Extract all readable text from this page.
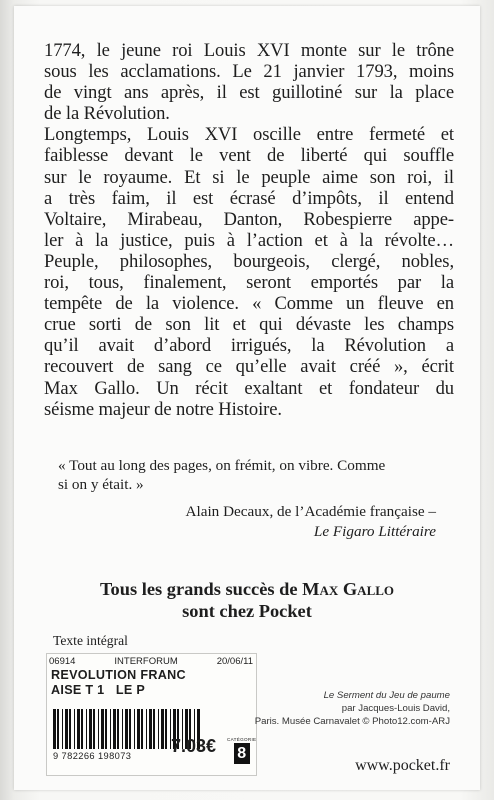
1774, le jeune roi Louis XVI monte sur le trône
sous les acclamations. Le 21 janvier 1793, moins
de vingt ans après, il est guillotiné sur la place
de la Révolution.
Longtemps, Louis XVI oscille entre fermeté et
faiblesse devant le vent de liberté qui souffle
sur le royaume. Et si le peuple aime son roi, il
a très faim, il est écrasé d’impôts, il entend
Voltaire, Mirabeau, Danton, Robespierre appe-
ler à la justice, puis à l’action et à la révolte…
Peuple, philosophes, bourgeois, clergé, nobles,
roi, tous, finalement, seront emportés par la
tempête de la violence. « Comme un fleuve en
crue sorti de son lit et qui dévaste les champs
qu’il avait d’abord irrigués, la Révolution a
recouvert de sang ce qu’elle avait créé », écrit
Max Gallo. Un récit exaltant et fondateur du
séisme majeur de notre Histoire.
« Tout au long des pages, on frémit, on vibre. Comme
si on y était. »
Alain Decaux, de l’Académie française –
Le Figaro Littéraire
Tous les grands succès de Max Gallo
sont chez Pocket
Texte intégral
06914	INTERFORUM	20/06/11
REVOLUTION FRANC
AISE T 1   LE P
9 782266 198073 7.03€ CATÉGORIE
8
Le Serment du Jeu de paume
par Jacques-Louis David,
Paris. Musée Carnavalet © Photo12.com-ARJ
www.pocket.fr
